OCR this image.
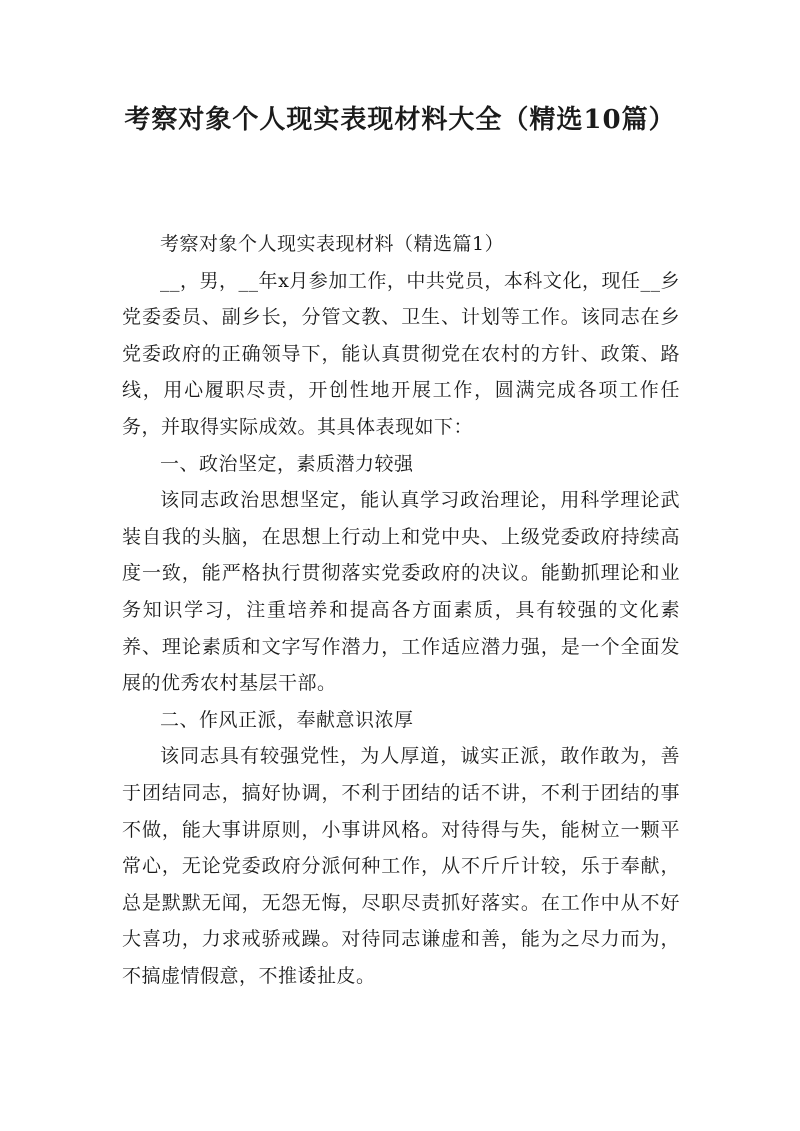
考察对象个人现实表现材料大全（精选10篇）

考察对象个人现实表现材料（精选篇1）

__，男，__年x月参加工作，中共党员，本科文化，现任__乡党委委员、副乡长，分管文教、卫生、计划等工作。该同志在乡党委政府的正确领导下，能认真贯彻党在农村的方针、政策、路线，用心履职尽责，开创性地开展工作，圆满完成各项工作任务，并取得实际成效。其具体表现如下：

一、政治坚定，素质潜力较强

该同志政治思想坚定，能认真学习政治理论，用科学理论武装自我的头脑，在思想上行动上和党中央、上级党委政府持续高度一致，能严格执行贯彻落实党委政府的决议。能勤抓理论和业务知识学习，注重培养和提高各方面素质，具有较强的文化素养、理论素质和文字写作潜力，工作适应潜力强，是一个全面发展的优秀农村基层干部。

二、作风正派，奉献意识浓厚

该同志具有较强党性，为人厚道，诚实正派，敢作敢为，善于团结同志，搞好协调，不利于团结的话不讲，不利于团结的事不做，能大事讲原则，小事讲风格。对待得与失，能树立一颗平常心，无论党委政府分派何种工作，从不斤斤计较，乐于奉献，总是默默无闻，无怨无悔，尽职尽责抓好落实。在工作中从不好大喜功，力求戒骄戒躁。对待同志谦虚和善，能为之尽力而为，不搞虚情假意，不推诿扯皮。
